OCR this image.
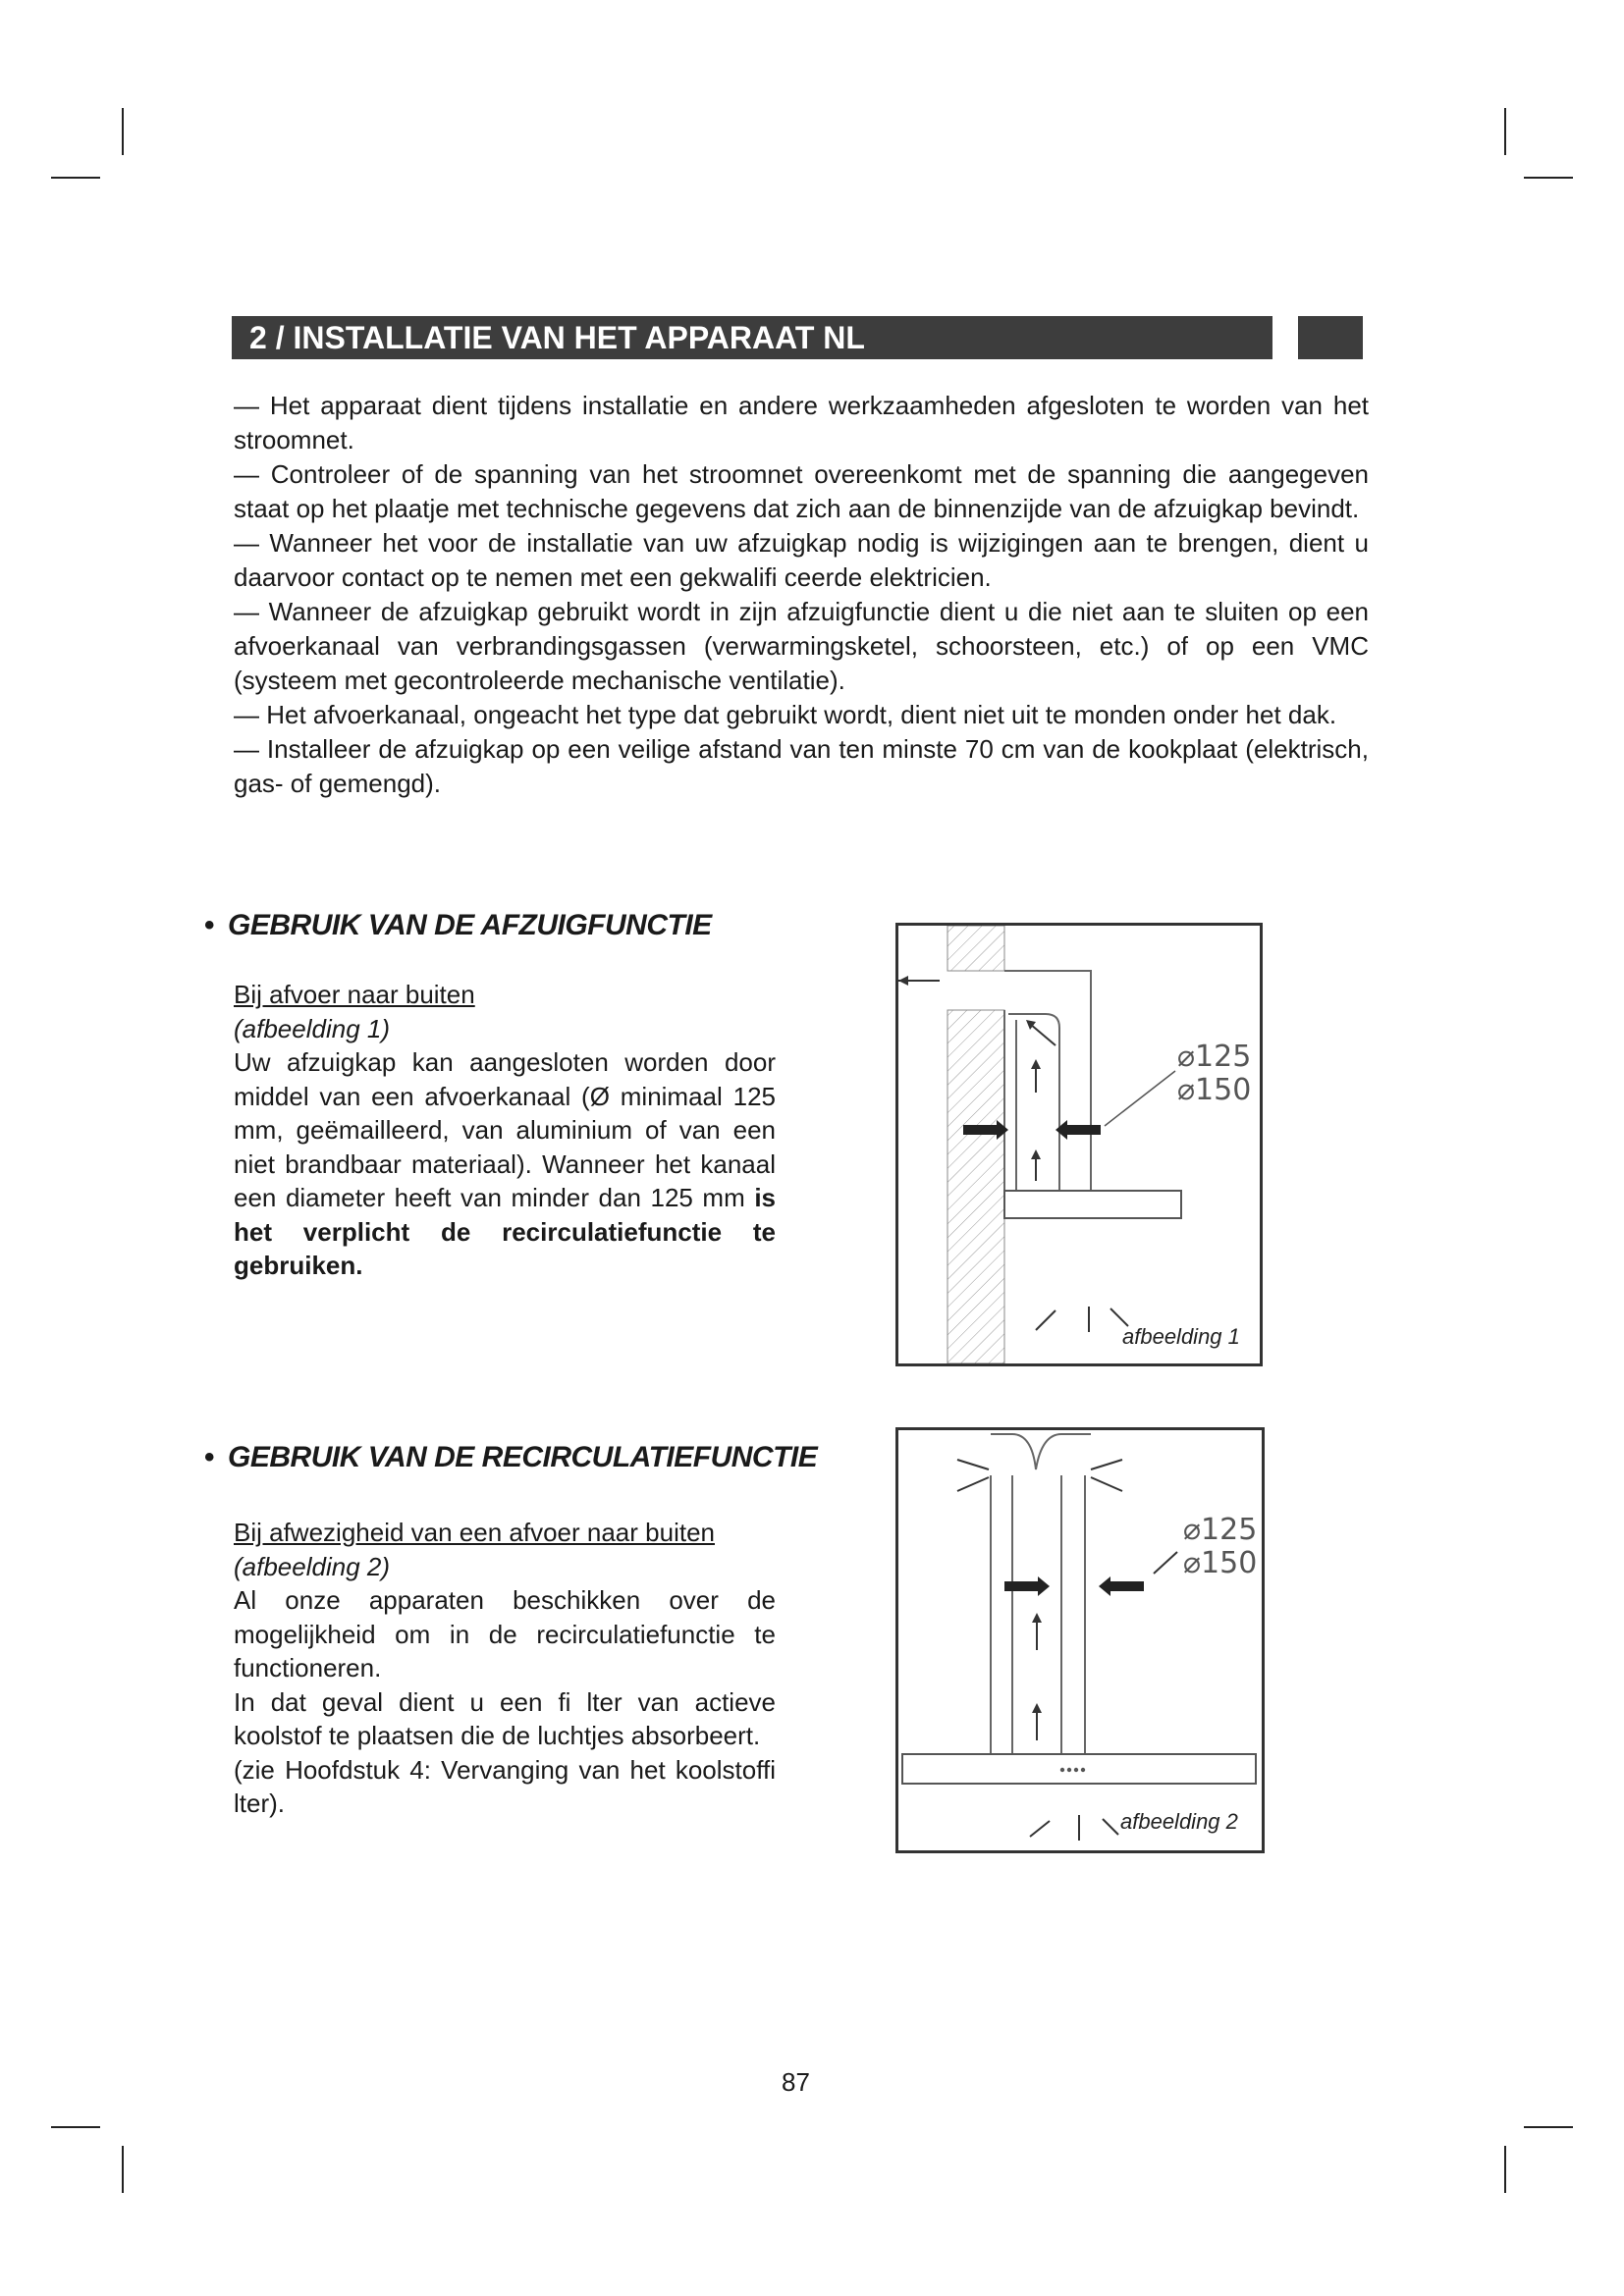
2 / INSTALLATIE VAN HET APPARAAT NL

— Het apparaat dient tijdens installatie en andere werkzaamheden afgesloten te worden van het stroomnet.

— Controleer of de spanning van het stroomnet overeenkomt met de spanning die aangegeven staat op het plaatje met technische gegevens dat zich aan de binnenzijde van de afzuigkap bevindt.

— Wanneer het voor de installatie van uw afzuigkap nodig is wijzigingen aan te brengen, dient u daarvoor contact op te nemen met een gekwalifi ceerde elektricien.

— Wanneer de afzuigkap gebruikt wordt in zijn afzuigfunctie dient u die niet aan te sluiten op een afvoerkanaal van verbrandingsgassen (verwarmingsketel, schoorsteen, etc.) of op een VMC (systeem met gecontroleerde mechanische ventilatie).

— Het afvoerkanaal, ongeacht het type dat gebruikt wordt, dient niet uit te monden onder het dak.

— Installeer de afzuigkap op een veilige afstand van ten minste 70 cm van de kookplaat (elektrisch, gas- of gemengd).

• GEBRUIK VAN DE AFZUIGFUNCTIE

Bij afvoer naar buiten

(afbeelding 1)

Uw afzuigkap kan aangesloten worden door middel van een afvoerkanaal (Ø minimaal 125 mm, geëmailleerd, van aluminium of van een niet brandbaar materiaal). Wanneer het kanaal een diameter heeft van minder dan 125 mm is het verplicht de recirculatiefunctie te gebruiken.

⌀125
⌀150
afbeelding 1
• GEBRUIK VAN DE RECIRCULATIEFUNCTIE

Bij afwezigheid van een afvoer naar buiten

(afbeelding 2)

Al onze apparaten beschikken over de mogelijkheid om in de recirculatiefunctie te functioneren.

In dat geval dient u een fi lter van actieve koolstof te plaatsen die de luchtjes absorbeert.

(zie Hoofdstuk 4: Vervanging van het koolstoffi lter).

⌀125
⌀150
afbeelding 2
87
